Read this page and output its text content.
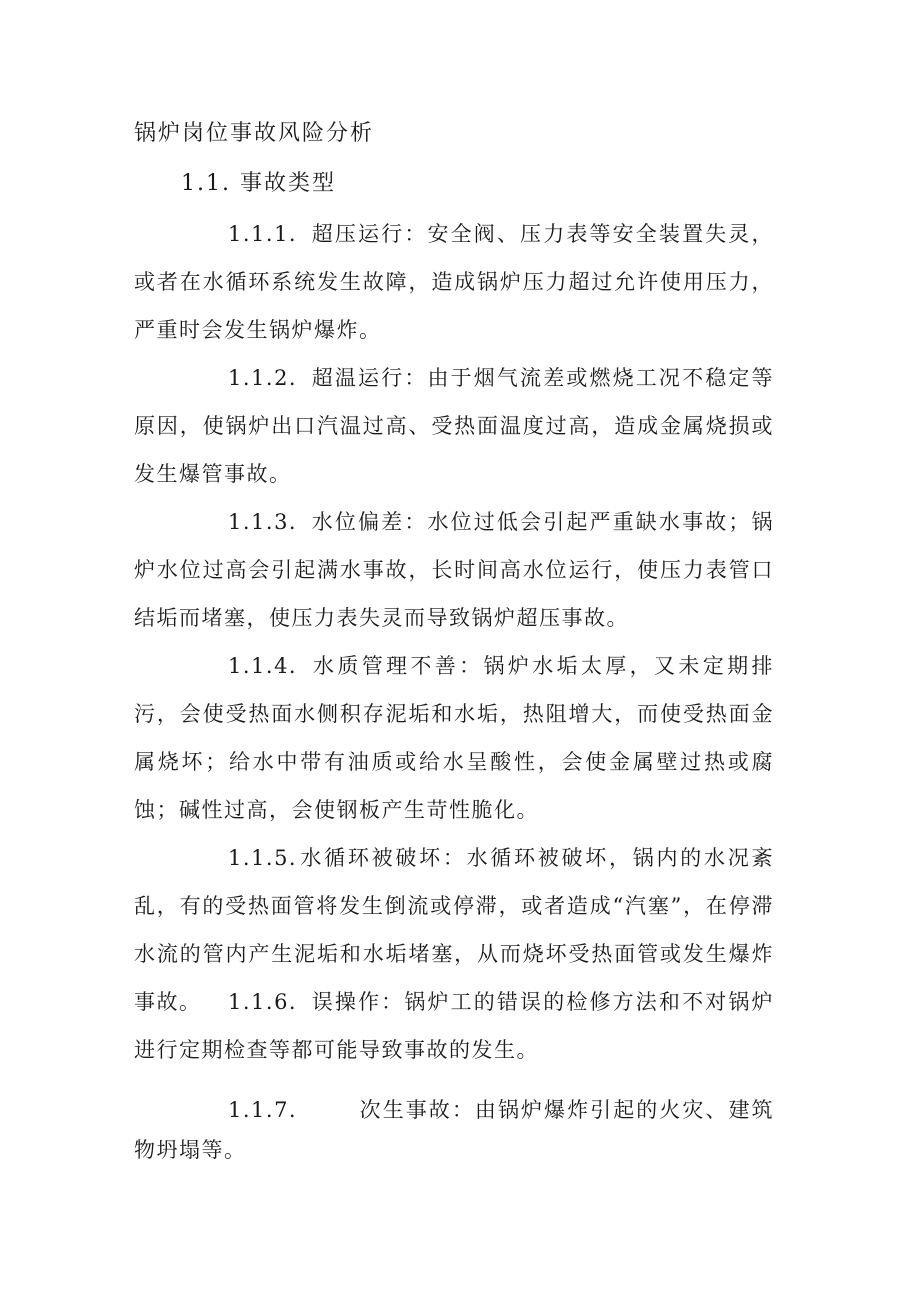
锅炉岗位事故风险分析
1.1. 事故类型

1.1.1. 超压运行：安全阀、压力表等安全装置失灵，或者在水循环系统发生故障，造成锅炉压力超过允许使用压力，严重时会发生锅炉爆炸。

1.1.2. 超温运行：由于烟气流差或燃烧工况不稳定等原因，使锅炉出口汽温过高、受热面温度过高，造成金属烧损或发生爆管事故。

1.1.3. 水位偏差：水位过低会引起严重缺水事故；锅炉水位过高会引起满水事故，长时间高水位运行，使压力表管口结垢而堵塞，使压力表失灵而导致锅炉超压事故。

1.1.4. 水质管理不善：锅炉水垢太厚，又未定期排污，会使受热面水侧积存泥垢和水垢，热阻增大，而使受热面金属烧坏；给水中带有油质或给水呈酸性，会使金属壁过热或腐蚀；碱性过高，会使钢板产生苛性脆化。

1.1.5.水循环被破坏：水循环被破坏，锅内的水况紊乱，有的受热面管将发生倒流或停滞，或者造成“汽塞”，在停滞水流的管内产生泥垢和水垢堵塞，从而烧坏受热面管或发生爆炸事故。	1.1.6. 误操作：锅炉工的错误的检修方法和不对锅炉进行定期检查等都可能导致事故的发生。

1.1.7.	次生事故：由锅炉爆炸引起的火灾、建筑物坍塌等。
